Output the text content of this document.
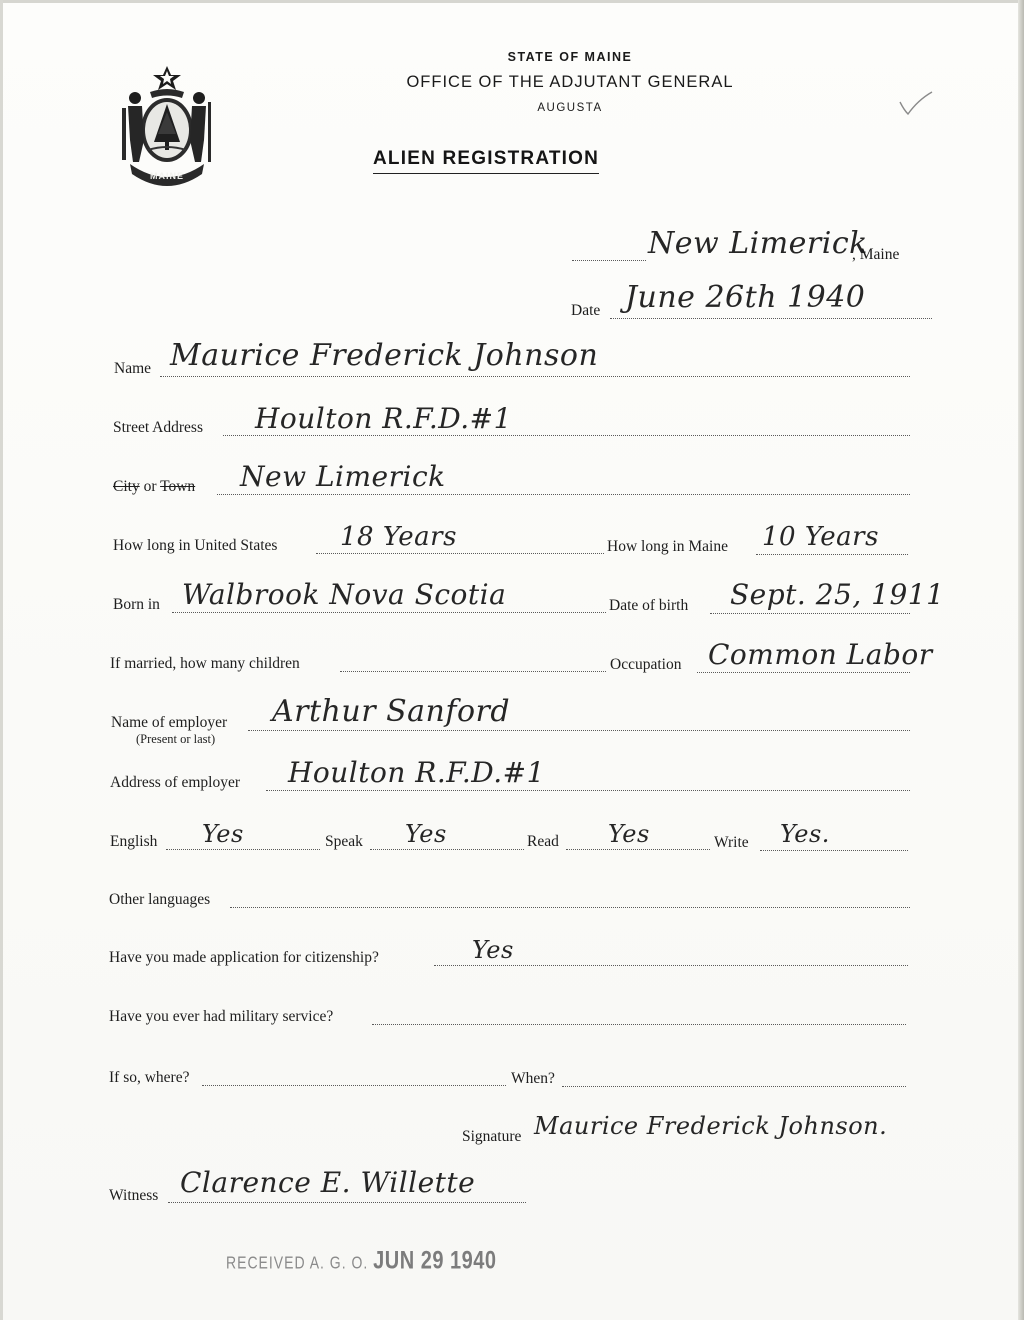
MAINE
STATE OF MAINE
OFFICE OF THE ADJUTANT GENERAL
AUGUSTA
ALIEN REGISTRATION
New Limerick
, Maine
Date June 26th 1940
Name Maurice Frederick Johnson
Street Address Houlton R.F.D.#1
City or Town New Limerick
How long in United States 18 Years	How long in Maine 10 Years
Born in Walbrook Nova Scotia	Date of birth Sept. 25, 1911
If married, how many children	Occupation Common Labor
Name of employer
(Present or last)
Arthur Sanford
Address of employer Houlton R.F.D.#1
English Yes	Speak Yes	Read Yes	Write Yes.
Other languages
Have you made application for citizenship?	Yes
Have you ever had military service?
If so, where?	When?
Signature Maurice Frederick Johnson.
Witness Clarence E. Willette
RECEIVED A. G. O. JUN 29 1940
